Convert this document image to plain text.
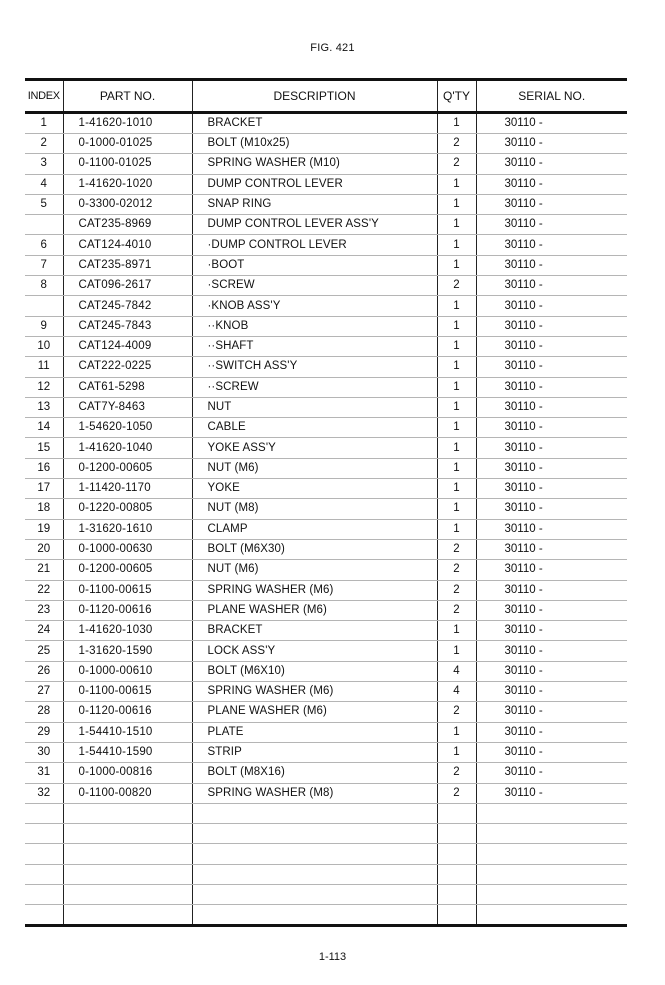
FIG. 421
INDEX	PART NO.	DESCRIPTION	Q'TY	SERIAL NO.
1	1-41620-1010	BRACKET	1	30110 -
2	0-1000-01025	BOLT (M10x25)	2	30110 -
3	0-1100-01025	SPRING WASHER (M10)	2	30110 -
4	1-41620-1020	DUMP CONTROL LEVER	1	30110 -
5	0-3300-02012	SNAP RING	1	30110 -
	CAT235-8969	DUMP CONTROL LEVER ASS'Y	1	30110 -
6	CAT124-4010	·DUMP CONTROL LEVER	1	30110 -
7	CAT235-8971	·BOOT	1	30110 -
8	CAT096-2617	·SCREW	2	30110 -
	CAT245-7842	·KNOB ASS'Y	1	30110 -
9	CAT245-7843	··KNOB	1	30110 -
10	CAT124-4009	··SHAFT	1	30110 -
11	CAT222-0225	··SWITCH ASS'Y	1	30110 -
12	CAT61-5298	··SCREW	1	30110 -
13	CAT7Y-8463	NUT	1	30110 -
14	1-54620-1050	CABLE	1	30110 -
15	1-41620-1040	YOKE ASS'Y	1	30110 -
16	0-1200-00605	NUT (M6)	1	30110 -
17	1-11420-1170	YOKE	1	30110 -
18	0-1220-00805	NUT (M8)	1	30110 -
19	1-31620-1610	CLAMP	1	30110 -
20	0-1000-00630	BOLT (M6X30)	2	30110 -
21	0-1200-00605	NUT (M6)	2	30110 -
22	0-1100-00615	SPRING WASHER (M6)	2	30110 -
23	0-1120-00616	PLANE WASHER (M6)	2	30110 -
24	1-41620-1030	BRACKET	1	30110 -
25	1-31620-1590	LOCK ASS'Y	1	30110 -
26	0-1000-00610	BOLT (M6X10)	4	30110 -
27	0-1100-00615	SPRING WASHER (M6)	4	30110 -
28	0-1120-00616	PLANE WASHER (M6)	2	30110 -
29	1-54410-1510	PLATE	1	30110 -
30	1-54410-1590	STRIP	1	30110 -
31	0-1000-00816	BOLT (M8X16)	2	30110 -
32	0-1100-00820	SPRING WASHER (M8)	2	30110 -

1-113
